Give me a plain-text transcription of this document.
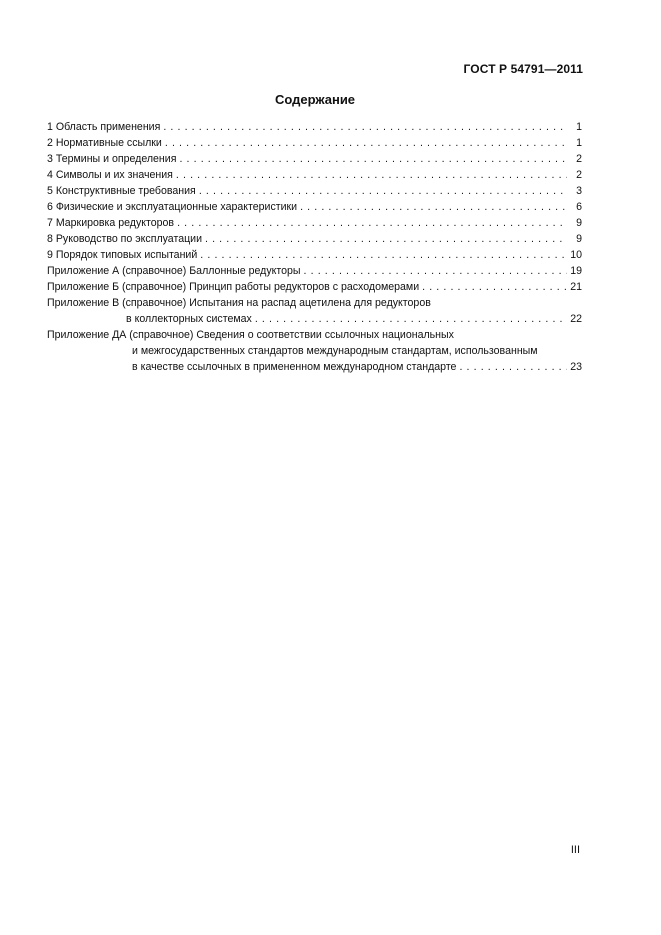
ГОСТ Р 54791—2011
Содержание
1 Область применения . . .	1
2 Нормативные ссылки . . .	1
3 Термины и определения . . .	2
4 Символы и их значения . . .	2
5 Конструктивные требования . . .	3
6 Физические и эксплуатационные характеристики . . .	6
7 Маркировка редукторов . . .	9
8 Руководство по эксплуатации . . .	9
9 Порядок типовых испытаний . . .	10
Приложение А (справочное) Баллонные редукторы . . .	19
Приложение Б (справочное) Принцип работы редукторов с расходомерами . . .	21
Приложение В (справочное) Испытания на распад ацетилена для редукторов
в коллекторных системах . . .	22
Приложение ДА (справочное) Сведения о соответствии ссылочных национальных
и межгосударственных стандартов международным стандартам, использованным
в качестве ссылочных в примененном международном стандарте . . .	23
III
